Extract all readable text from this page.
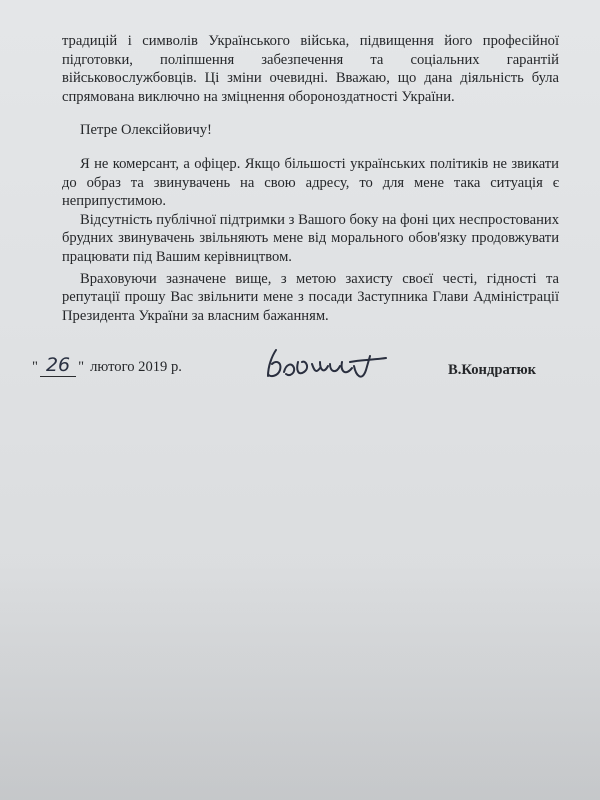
традицій і символів Українського війська, підвищення його професійної підготовки, поліпшення забезпечення та соціальних гарантій військовослужбовців. Ці зміни очевидні. Вважаю, що дана діяльність була спрямована виключно на зміцнення обороноздатності України.

Петре Олексійовичу!

Я не комерсант, а офіцер. Якщо більшості українських політиків не звикати до образ та звинувачень на свою адресу, то для мене така ситуація є неприпустимою.

Відсутність публічної підтримки з Вашого боку на фоні цих неспростованих брудних звинувачень звільняють мене від морального обов'язку продовжувати працювати під Вашим керівництвом.

Враховуючи зазначене вище, з метою захисту своєї честі, гідності та репутації прошу Вас звільнити мене з посади Заступника Глави Адміністрації Президента України за власним бажанням.

" 26 " лютого 2019 р.	В.Кондратюк
